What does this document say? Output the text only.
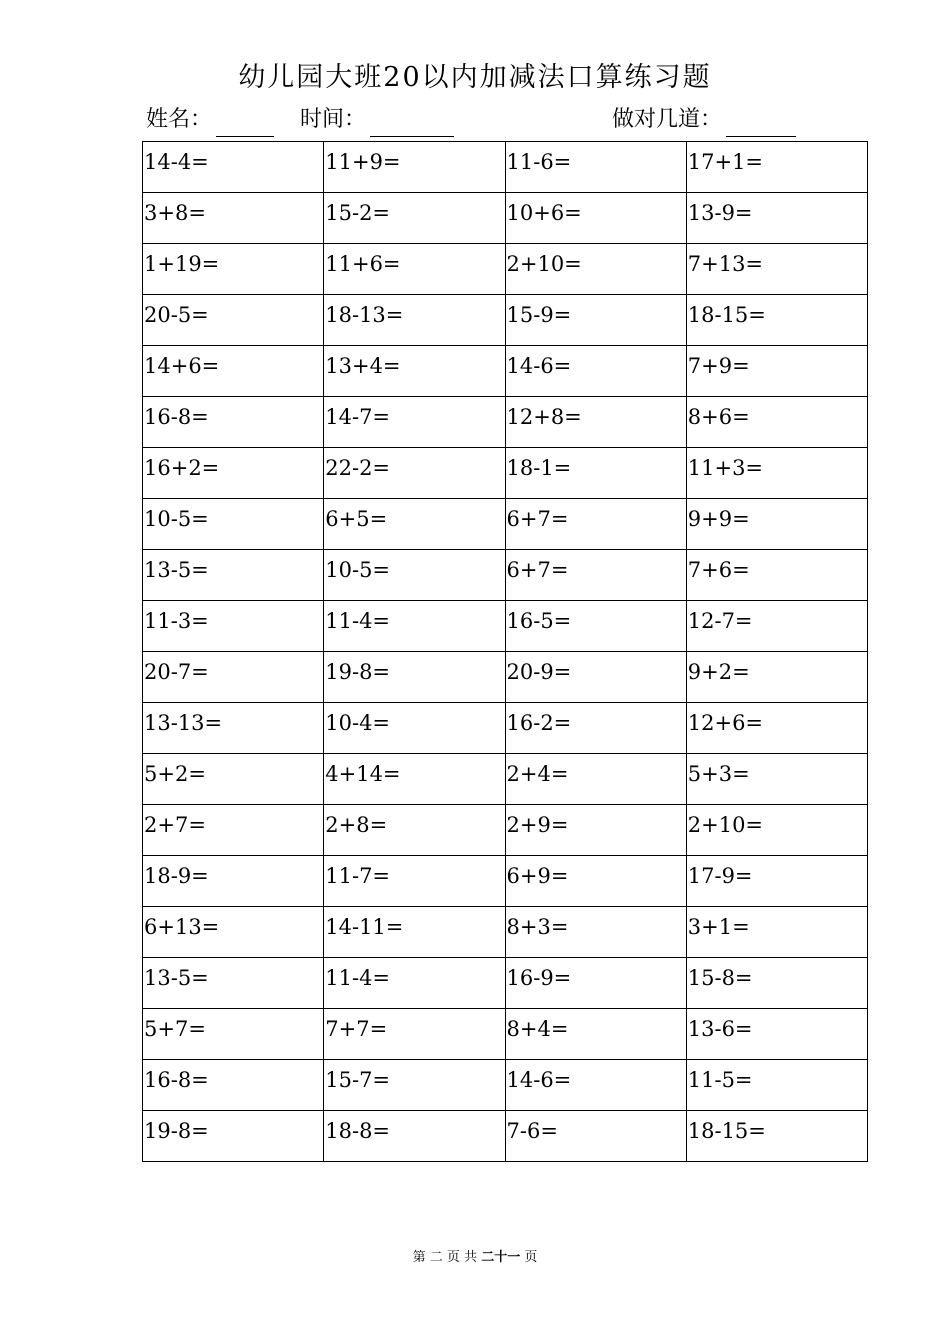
幼儿园大班20以内加减法口算练习题
姓名：	时间：	做对几道：
14-4=	11+9=	11-6=	17+1=
3+8=	15-2=	10+6=	13-9=
1+19=	11+6=	2+10=	7+13=
20-5=	18-13=	15-9=	18-15=
14+6=	13+4=	14-6=	7+9=
16-8=	14-7=	12+8=	8+6=
16+2=	22-2=	18-1=	11+3=
10-5=	6+5=	6+7=	9+9=
13-5=	10-5=	6+7=	7+6=
11-3=	11-4=	16-5=	12-7=
20-7=	19-8=	20-9=	9+2=
13-13=	10-4=	16-2=	12+6=
5+2=	4+14=	2+4=	5+3=
2+7=	2+8=	2+9=	2+10=
18-9=	11-7=	6+9=	17-9=
6+13=	14-11=	8+3=	3+1=
13-5=	11-4=	16-9=	15-8=
5+7=	7+7=	8+4=	13-6=
16-8=	15-7=	14-6=	11-5=
19-8=	18-8=	7-6=	18-15=
第 二 页 共 二十一 页
